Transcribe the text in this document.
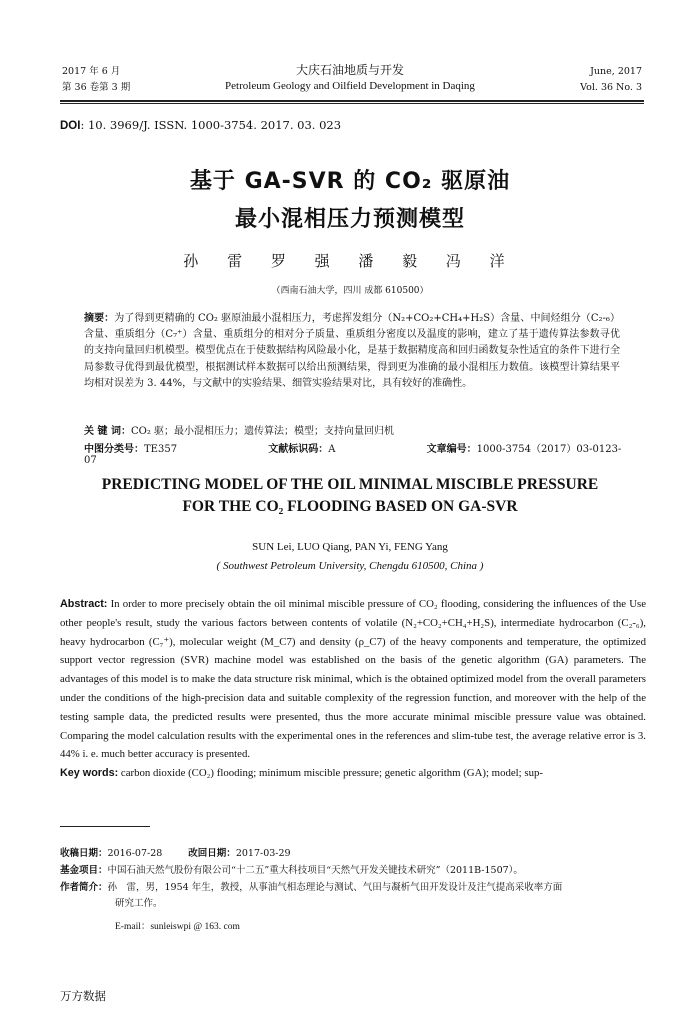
2017 年 6 月
第 36 卷第 3 期
大庆石油地质与开发
Petroleum Geology and Oilfield Development in Daqing
June, 2017
Vol. 36 No. 3
DOI: 10. 3969/J. ISSN. 1000-3754. 2017. 03. 023
基于 GA-SVR 的 CO₂ 驱原油
最小混相压力预测模型
孙 雷 罗 强 潘 毅 冯 洋
（西南石油大学，四川 成都 610500）
摘要：为了得到更精确的 CO₂ 驱原油最小混相压力，考虑挥发组分（N₂+CO₂+CH₄+H₂S）含量、中间烃组分（C₂-₆）含量、重质组分（C₇⁺）含量、重质组分的相对分子质量、重质组分密度以及温度的影响，建立了基于遗传算法参数寻优的支持向量回归机模型。模型优点在于使数据结构风险最小化，是基于数据精度高和回归函数复杂性适宜的条件下进行全局参数寻优得到最优模型，根据测试样本数据可以给出预测结果，得到更为准确的最小混相压力数值。该模型计算结果平均相对误差为 3. 44%，与文献中的实验结果、细管实验结果对比，具有较好的准确性。
关 键 词：CO₂ 驱；最小混相压力；遗传算法；模型；支持向量回归机
中图分类号：TE357	文献标识码：A	文章编号：1000-3754（2017）03-0123-07
PREDICTING MODEL OF THE OIL MINIMAL MISCIBLE PRESSURE
FOR THE CO₂ FLOODING BASED ON GA-SVR
SUN Lei, LUO Qiang, PAN Yi, FENG Yang
( Southwest Petroleum University, Chengdu 610500, China )
Abstract: In order to more precisely obtain the oil minimal miscible pressure of CO₂ flooding, considering the influences of the Use other people's result, study the various factors between contents of volatile (N₂+CO₂+CH₄+H₂S), intermediate hydrocarbon (C₂-₆), heavy hydrocarbon (C₇⁺), molecular weight (M_C7) and density (ρ_C7) of the heavy components and temperature, the optimized support vector regression (SVR) machine model was established on the basis of the genetic algorithm (GA) parameters. The advantages of this model is to make the data structure risk minimal, which is the obtained optimized model from the overall parameters under the conditions of the high-precision data and suitable complexity of the regression function, and moreover with the help of the testing sample data, the predicted results were presented, thus the more accurate minimal miscible pressure value was obtained. Comparing the model calculation results with the experimental ones in the references and slim-tube test, the average relative error is 3. 44% i. e. much better accuracy is presented.
Key words: carbon dioxide (CO₂) flooding; minimum miscible pressure; genetic algorithm (GA); model; sup-
收稿日期：2016-07-28	改回日期：2017-03-29
基金项目：中国石油天然气股份有限公司“十二五”重大科技项目“天然气开发关键技术研究”（2011B-1507）。
作者简介：孙　雷，男，1954 年生，教授，从事油气相态理论与测试、气田与凝析气田开发设计及注气提高采收率方面
研究工作。
E-mail：sunleiswpi @ 163. com
万方数据
